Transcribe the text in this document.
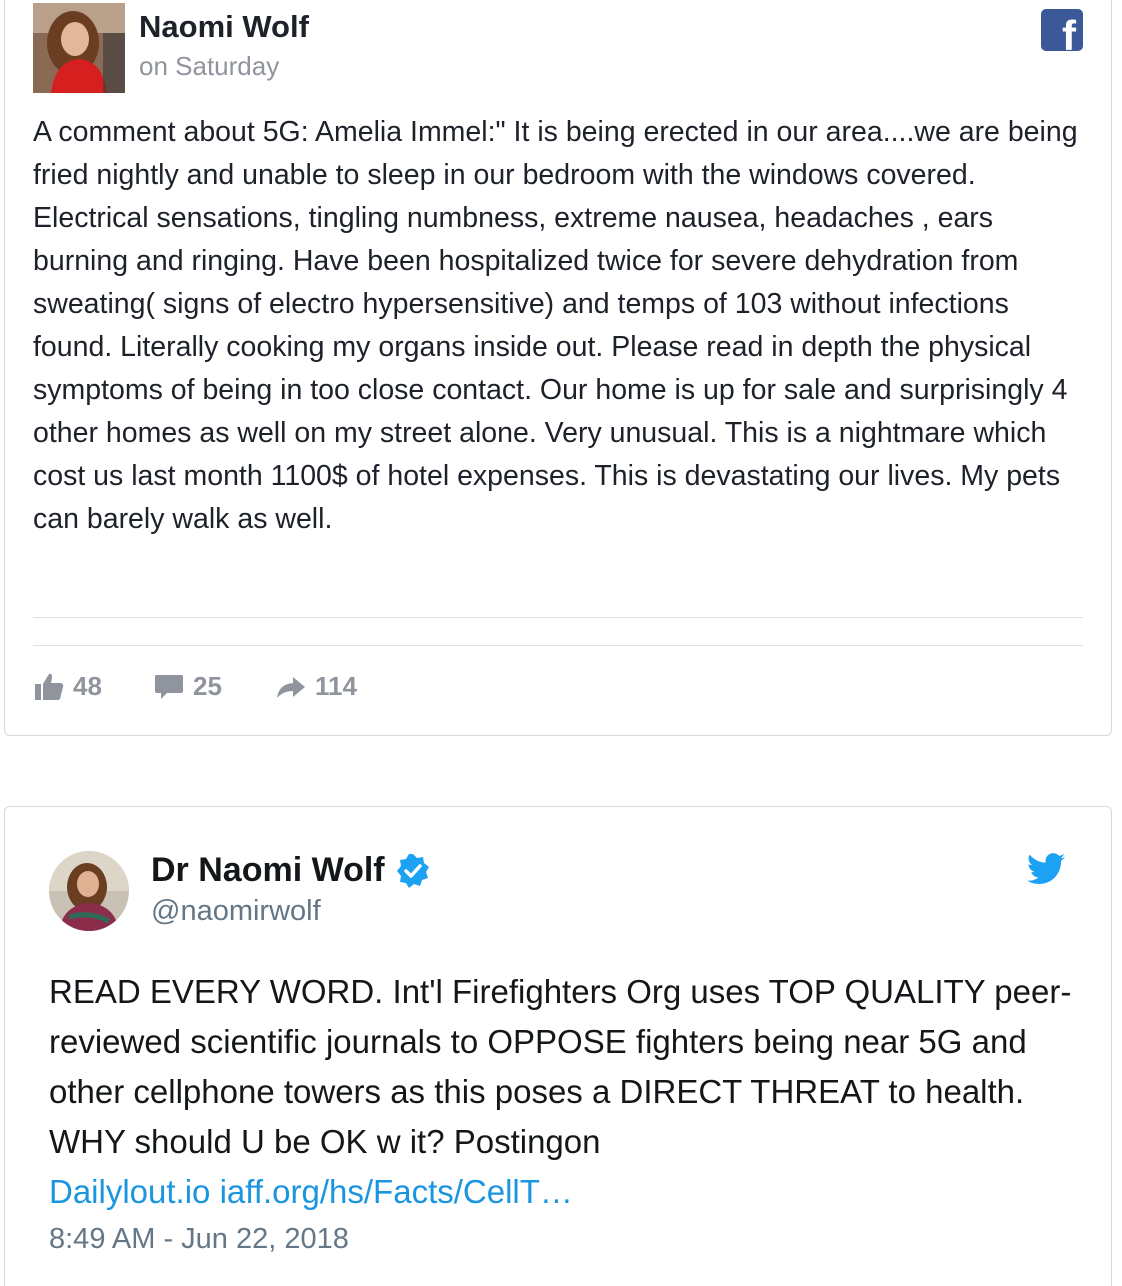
Naomi Wolf
on Saturday
f

A comment about 5G: Amelia Immel:" It is being erected in our area....we are being fried nightly and unable to sleep in our bedroom with the windows covered. Electrical sensations, tingling numbness, extreme nausea, headaches , ears burning and ringing. Have been hospitalized twice for severe dehydration from sweating( signs of electro hypersensitive) and temps of 103 without infections found. Literally cooking my organs inside out. Please read in depth the physical symptoms of being in too close contact. Our home is up for sale and surprisingly 4 other homes as well on my street alone. Very unusual. This is a nightmare which cost us last month 1100$ of hotel expenses. This is devastating our lives. My pets can barely walk as well.

48	25	114
Dr Naomi Wolf
@naomirwolf

READ EVERY WORD. Int'l Firefighters Org uses TOP QUALITY peer-reviewed scientific journals to OPPOSE fighters being near 5G and other cellphone towers as this poses a DIRECT THREAT to health. WHY should U be OK w it? Postingon

Dailylout.io iaff.org/hs/Facts/CellT…
8:49 AM - Jun 22, 2018
